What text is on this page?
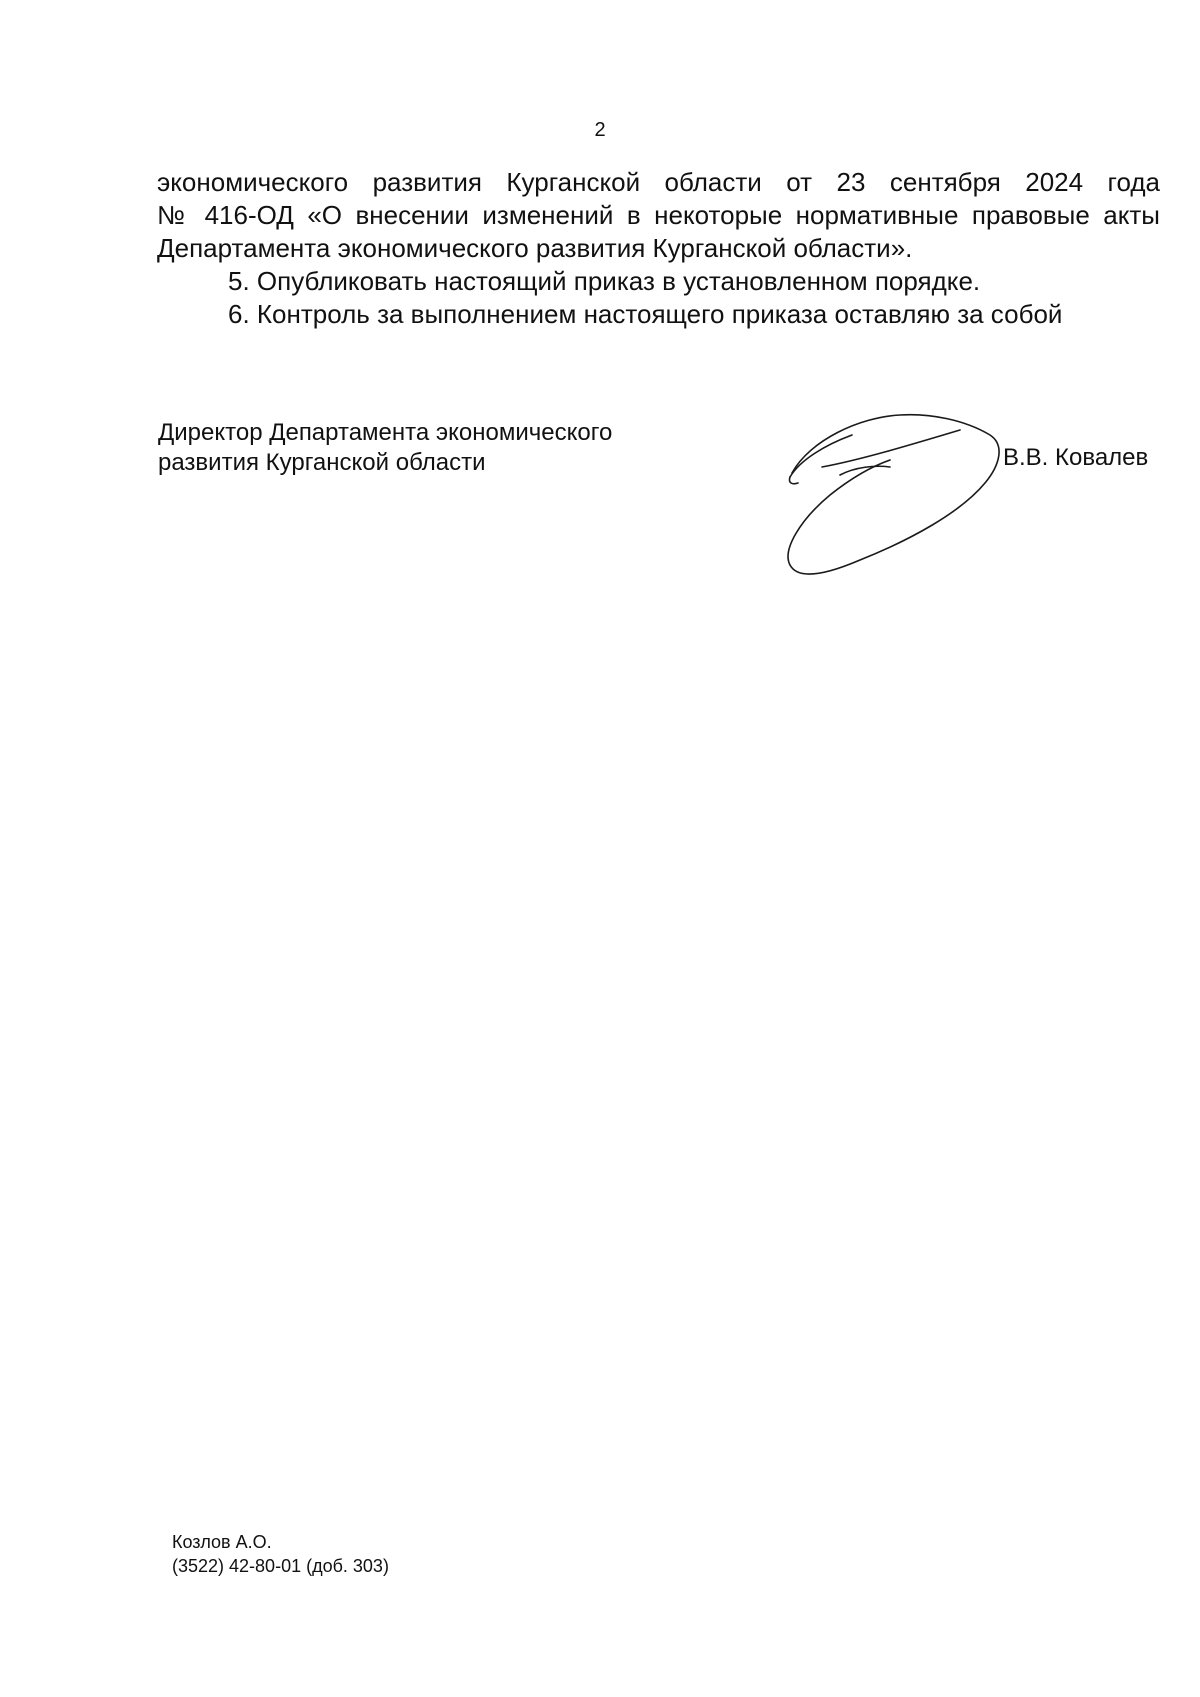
2
экономического развития Курганской области от 23 сентября 2024 года
№ 416-ОД «О внесении изменений в некоторые нормативные правовые акты
Департамента экономического развития Курганской области».
5. Опубликовать настоящий приказ в установленном порядке.
6. Контроль за выполнением настоящего приказа оставляю за собой
Директор Департамента экономического
развития Курганской области	В.В. Ковалев
Козлов А.О.
(3522) 42-80-01 (доб. 303)
